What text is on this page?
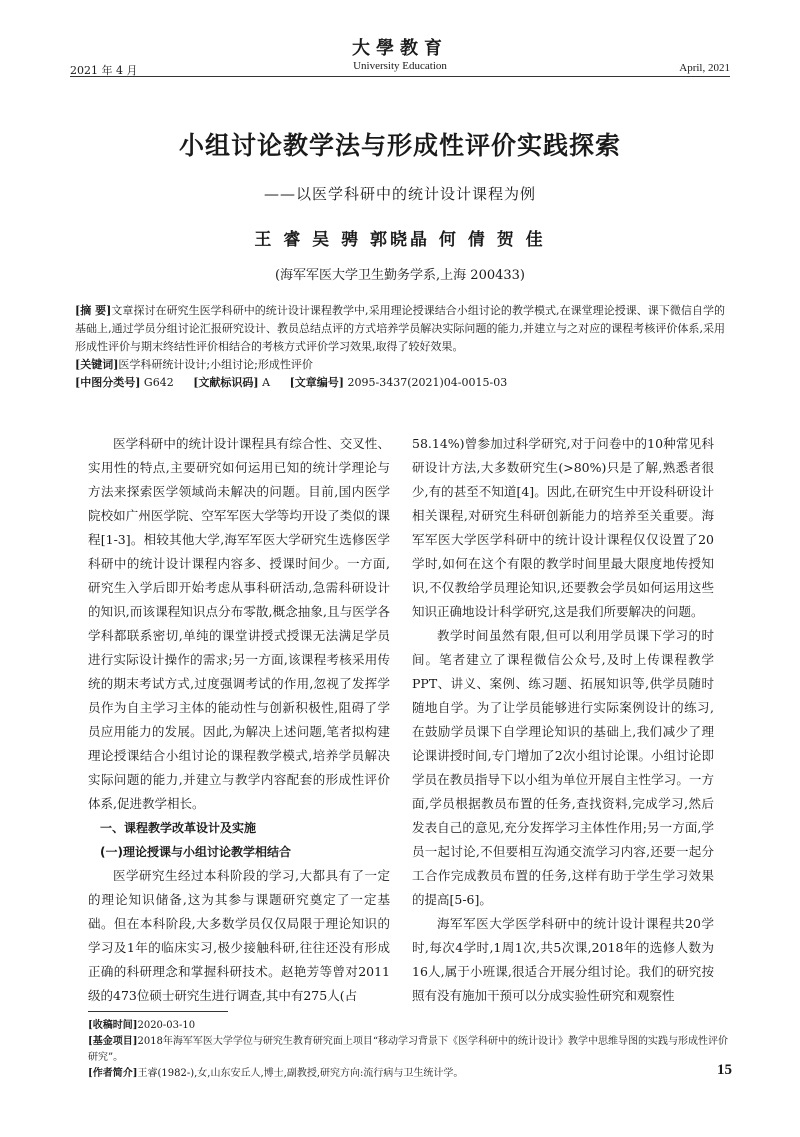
大學教育
2021 年 4 月	University Education	April, 2021
小组讨论教学法与形成性评价实践探索
——以医学科研中的统计设计课程为例
王 睿 吴 骋 郭晓晶 何 倩 贺 佳
(海军军医大学卫生勤务学系,上海 200433)
[摘 要]文章探讨在研究生医学科研中的统计设计课程教学中,采用理论授课结合小组讨论的教学模式,在课堂理论授课、课下微信自学的基础上,通过学员分组讨论汇报研究设计、教员总结点评的方式培养学员解决实际问题的能力,并建立与之对应的课程考核评价体系,采用形成性评价与期末终结性评价相结合的考核方式评价学习效果,取得了较好效果。
[关键词]医学科研统计设计;小组讨论;形成性评价
[中图分类号] G642 [文献标识码] A [文章编号] 2095-3437(2021)04-0015-03

医学科研中的统计设计课程具有综合性、交叉性、实用性的特点,主要研究如何运用已知的统计学理论与方法来探索医学领域尚未解决的问题。目前,国内医学院校如广州医学院、空军军医大学等均开设了类似的课程[1-3]。相较其他大学,海军军医大学研究生选修医学科研中的统计设计课程内容多、授课时间少。一方面,研究生入学后即开始考虑从事科研活动,急需科研设计的知识,而该课程知识点分布零散,概念抽象,且与医学各学科都联系密切,单纯的课堂讲授式授课无法满足学员进行实际设计操作的需求;另一方面,该课程考核采用传统的期末考试方式,过度强调考试的作用,忽视了发挥学员作为自主学习主体的能动性与创新积极性,阻碍了学员应用能力的发展。因此,为解决上述问题,笔者拟构建理论授课结合小组讨论的课程教学模式,培养学员解决实际问题的能力,并建立与教学内容配套的形成性评价体系,促进教学相长。

一、课程教学改革设计及实施

(一)理论授课与小组讨论教学相结合

医学研究生经过本科阶段的学习,大都具有了一定的理论知识储备,这为其参与课题研究奠定了一定基础。但在本科阶段,大多数学员仅仅局限于理论知识的学习及1年的临床实习,极少接触科研,往往还没有形成正确的科研理念和掌握科研技术。赵艳芳等曾对2011级的473位硕士研究生进行调查,其中有275人(占

58.14%)曾参加过科学研究,对于问卷中的10种常见科研设计方法,大多数研究生(>80%)只是了解,熟悉者很少,有的甚至不知道[4]。因此,在研究生中开设科研设计相关课程,对研究生科研创新能力的培养至关重要。海军军医大学医学科研中的统计设计课程仅仅设置了20学时,如何在这个有限的教学时间里最大限度地传授知识,不仅教给学员理论知识,还要教会学员如何运用这些知识正确地设计科学研究,这是我们所要解决的问题。

教学时间虽然有限,但可以利用学员课下学习的时间。笔者建立了课程微信公众号,及时上传课程教学PPT、讲义、案例、练习题、拓展知识等,供学员随时随地自学。为了让学员能够进行实际案例设计的练习,在鼓励学员课下自学理论知识的基础上,我们减少了理论课讲授时间,专门增加了2次小组讨论课。小组讨论即学员在教员指导下以小组为单位开展自主性学习。一方面,学员根据教员布置的任务,查找资料,完成学习,然后发表自己的意见,充分发挥学习主体性作用;另一方面,学员一起讨论,不但要相互沟通交流学习内容,还要一起分工合作完成教员布置的任务,这样有助于学生学习效果的提高[5-6]。

海军军医大学医学科研中的统计设计课程共20学时,每次4学时,1周1次,共5次课,2018年的选修人数为16人,属于小班课,很适合开展分组讨论。我们的研究按照有没有施加干预可以分成实验性研究和观察性

[收稿时间]2020-03-10
[基金项目]2018年海军军医大学学位与研究生教育研究面上项目“移动学习背景下《医学科研中的统计设计》教学中思维导图的实践与形成性评价研究”。
[作者简介]王睿(1982-),女,山东安丘人,博士,副教授,研究方向:流行病与卫生统计学。	15
